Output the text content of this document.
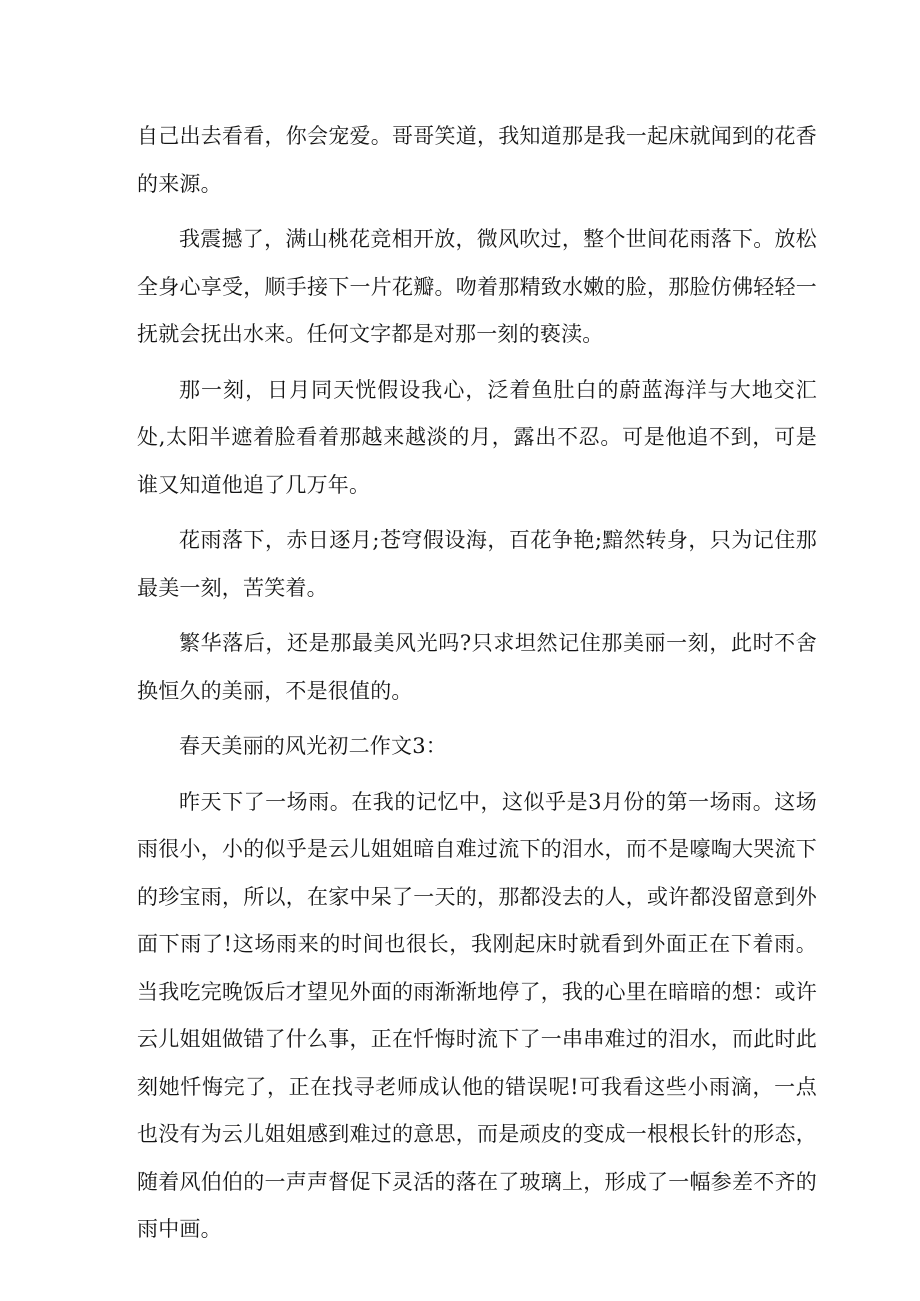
自己出去看看，你会宠爱。哥哥笑道，我知道那是我一起床就闻到的花香的来源。

我震撼了，满山桃花竞相开放，微风吹过，整个世间花雨落下。放松全身心享受，顺手接下一片花瓣。吻着那精致水嫩的脸，那脸仿佛轻轻一抚就会抚出水来。任何文字都是对那一刻的亵渎。

那一刻，日月同天恍假设我心，泛着鱼肚白的蔚蓝海洋与大地交汇处,太阳半遮着脸看着那越来越淡的月，露出不忍。可是他追不到，可是谁又知道他追了几万年。

花雨落下，赤日逐月;苍穹假设海，百花争艳;黯然转身，只为记住那最美一刻，苦笑着。

繁华落后，还是那最美风光吗?只求坦然记住那美丽一刻，此时不舍换恒久的美丽，不是很值的。

春天美丽的风光初二作文3：

昨天下了一场雨。在我的记忆中，这似乎是3月份的第一场雨。这场雨很小，小的似乎是云儿姐姐暗自难过流下的泪水，而不是嚎啕大哭流下的珍宝雨，所以，在家中呆了一天的，那都没去的人，或许都没留意到外面下雨了!这场雨来的时间也很长，我刚起床时就看到外面正在下着雨。当我吃完晚饭后才望见外面的雨渐渐地停了，我的心里在暗暗的想：或许云儿姐姐做错了什么事，正在忏悔时流下了一串串难过的泪水，而此时此刻她忏悔完了，正在找寻老师成认他的错误呢!可我看这些小雨滴，一点也没有为云儿姐姐感到难过的意思，而是顽皮的变成一根根长针的形态，随着风伯伯的一声声督促下灵活的落在了玻璃上，形成了一幅参差不齐的雨中画。
